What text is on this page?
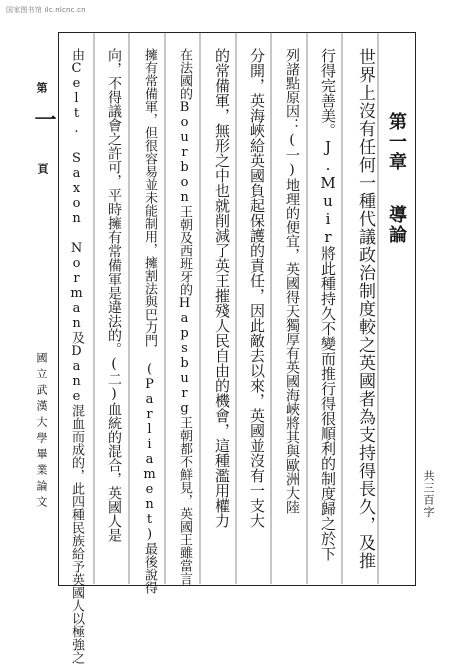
国家图书馆 ilc.nlcnc.cn
第
一
頁
國立武漢大學畢業論文	共三百字
第一章
導論
世界上沒有任何一種代議政治制度較之英國者為支持得長久，及推
行得完善美。J.Muir將此種持久不變而推行得很順利的制度歸之於下
列諸點原因：(一)地理的便宜，英國得天獨厚有英國海峽將其與歐洲大陸
分開，英海峽給英國負起保護的責任，因此敵去以來，英國並沒有一支大
的常備軍，無形之中也就削減了英王摧殘人民自由的機會，這種濫用權力
在法國的Bourbon王朝及西班牙的Hapsburg王朝都不鮮見，英國王雖當言
擁有常備軍，但很容易並未能制用，擁割法與巴力門 (Parliament)最後說得
向，不得議會之許可，平時擁有常備軍是違法的。(二)血統的混合，英國人是
由Celt. Saxon Norman及Dane混血而成的，此四種民族給予英國人以極強之
